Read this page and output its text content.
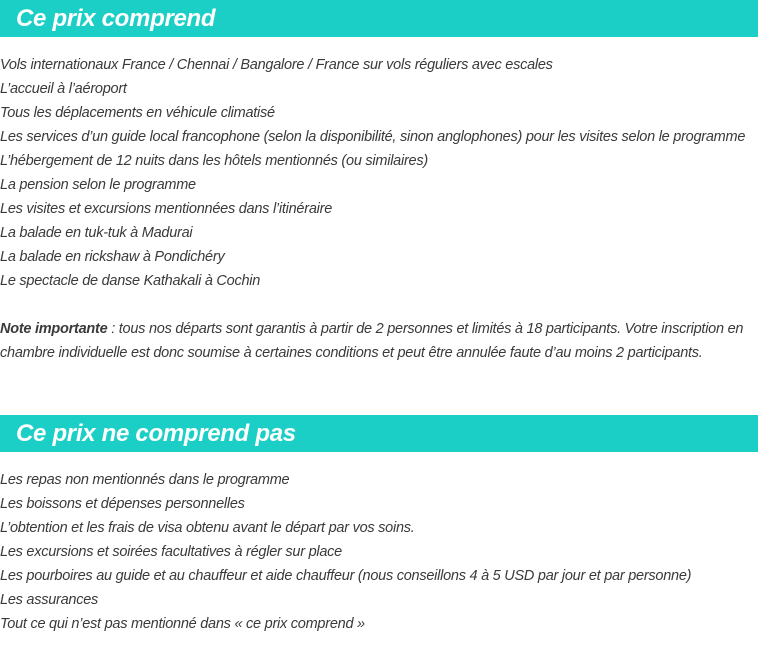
Ce prix comprend
Vols internationaux France / Chennai / Bangalore / France sur vols réguliers avec escales
L’accueil à l’aéroport
Tous les déplacements en véhicule climatisé
Les services d’un guide local francophone (selon la disponibilité, sinon anglophones) pour les visites selon le programme
L’hébergement de 12 nuits dans les hôtels mentionnés (ou similaires)
La pension selon le programme
Les visites et excursions mentionnées dans l’itinéraire
La balade en tuk-tuk à Madurai
La balade en rickshaw à Pondichéry
Le spectacle de danse Kathakali à Cochin
Note importante : tous nos départs sont garantis à partir de 2 personnes et limités à 18 participants. Votre inscription en chambre individuelle est donc soumise à certaines conditions et peut être annulée faute d’au moins 2 participants.
Ce prix ne comprend pas
Les repas non mentionnés dans le programme
Les boissons et dépenses personnelles
L’obtention et les frais de visa obtenu avant le départ par vos soins.
Les excursions et soirées facultatives à régler sur place
Les pourboires au guide et au chauffeur et aide chauffeur (nous conseillons 4 à 5 USD par jour et par personne)
Les assurances
Tout ce qui n’est pas mentionné dans « ce prix comprend »
